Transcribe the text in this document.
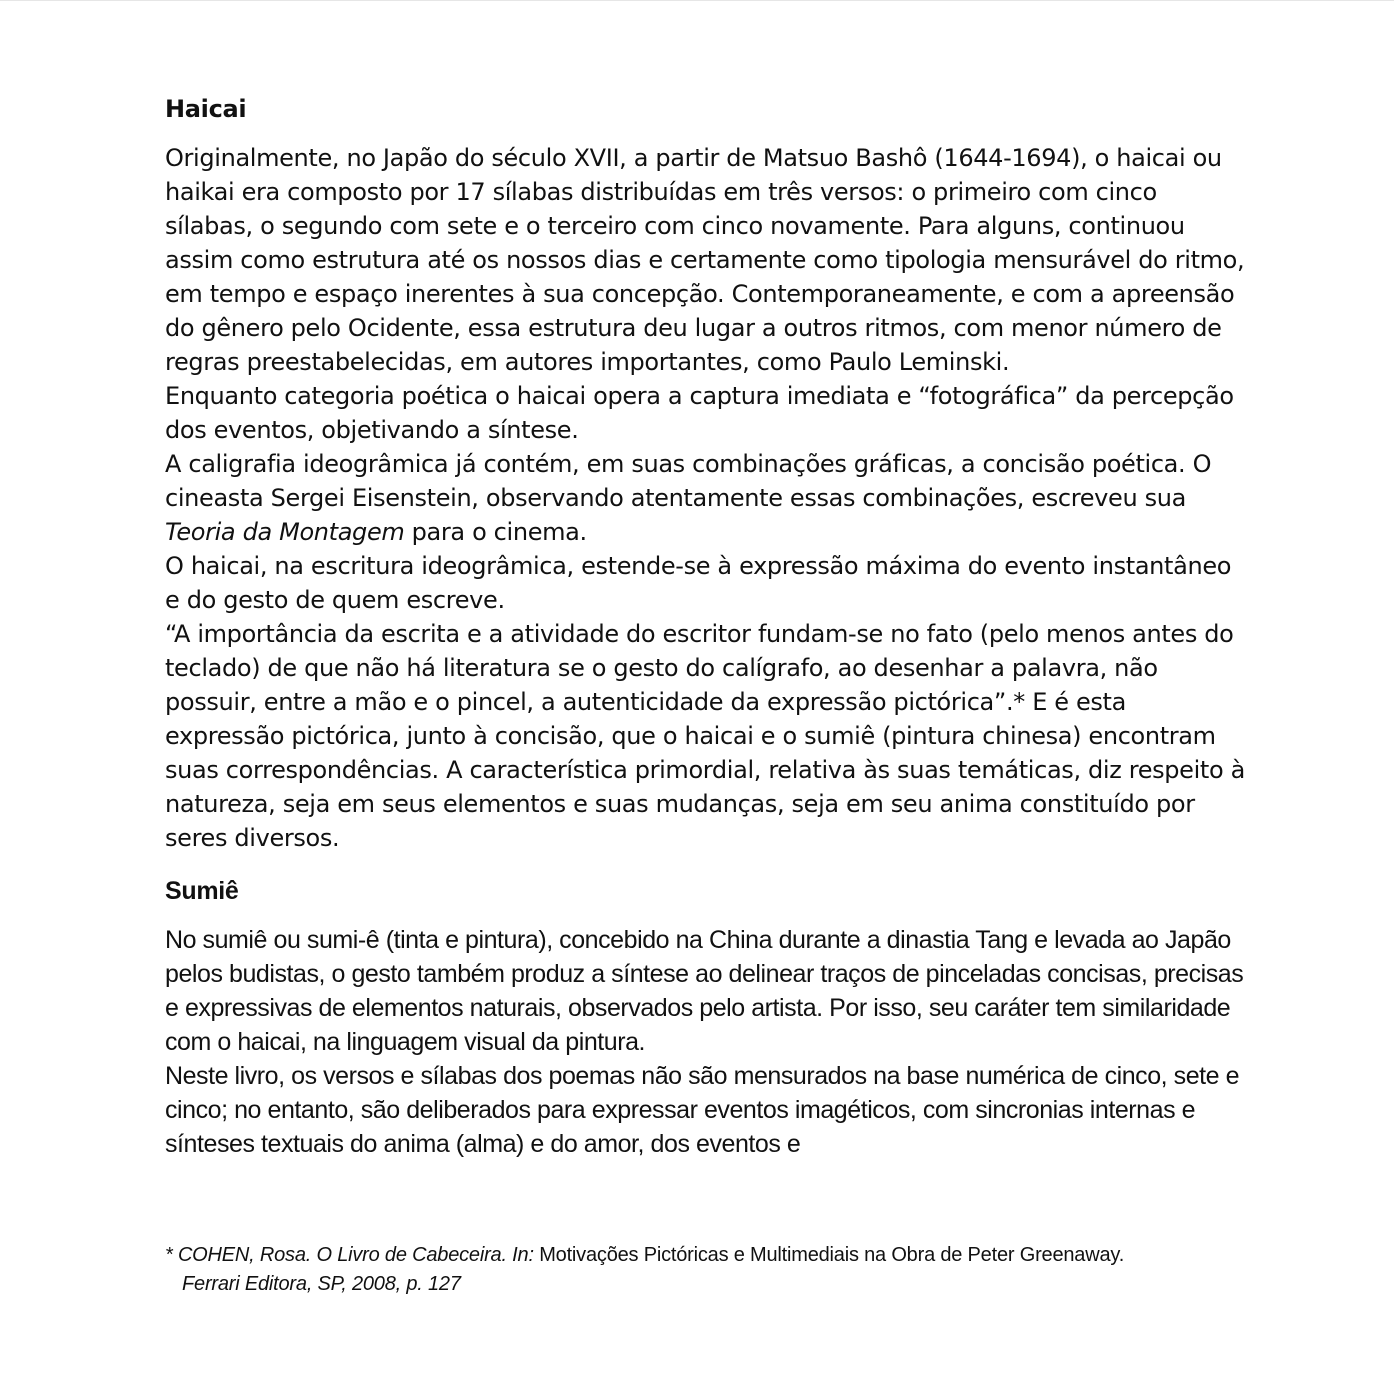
Haicai

Originalmente, no Japão do século XVII, a partir de Matsuo Bashô (1644-1694), o haicai ou haikai era composto por 17 sílabas distribuídas em três versos: o primeiro com cinco sílabas, o segundo com sete e o terceiro com cinco novamente. Para alguns, continuou assim como estrutura até os nossos dias e certamente como tipologia mensurável do ritmo, em tempo e espaço inerentes à sua concepção. Contemporaneamente, e com a apreensão do gênero pelo Ocidente, essa estrutura deu lugar a outros ritmos, com menor número de regras preestabelecidas, em autores importantes, como Paulo Leminski.

Enquanto categoria poética o haicai opera a captura imediata e “fotográfica” da percepção dos eventos, objetivando a síntese.

A caligrafia ideogrâmica já contém, em suas combinações gráficas, a concisão poética. O cineasta Sergei Eisenstein, observando atentamente essas combinações, escreveu sua Teoria da Montagem para o cinema.

O haicai, na escritura ideogrâmica, estende-se à expressão máxima do evento instantâneo e do gesto de quem escreve.

“A importância da escrita e a atividade do escritor fundam-se no fato (pelo menos antes do teclado) de que não há literatura se o gesto do calígrafo, ao desenhar a palavra, não possuir, entre a mão e o pincel, a autenticidade da expressão pictórica”.* E é esta expressão pictórica, junto à concisão, que o haicai e o sumiê (pintura chinesa) encontram suas correspondências. A característica primordial, relativa às suas temáticas, diz respeito à natureza, seja em seus elementos e suas mudanças, seja em seu anima constituído por seres diversos.

Sumiê

No sumiê ou sumi-ê (tinta e pintura), concebido na China durante a dinastia Tang e levada ao Japão pelos budistas, o gesto também produz a síntese ao delinear traços de pinceladas concisas, precisas e expressivas de elementos naturais, observados pelo artista. Por isso, seu caráter tem similaridade com o haicai, na linguagem visual da pintura.

Neste livro, os versos e sílabas dos poemas não são mensurados na base numérica de cinco, sete e cinco; no entanto, são deliberados para expressar eventos imagéticos, com sincronias internas e sínteses textuais do anima (alma) e do amor, dos eventos e

* COHEN, Rosa. O Livro de Cabeceira. In: Motivações Pictóricas e Multimediais na Obra de Peter Greenaway.
Ferrari Editora, SP, 2008, p. 127
